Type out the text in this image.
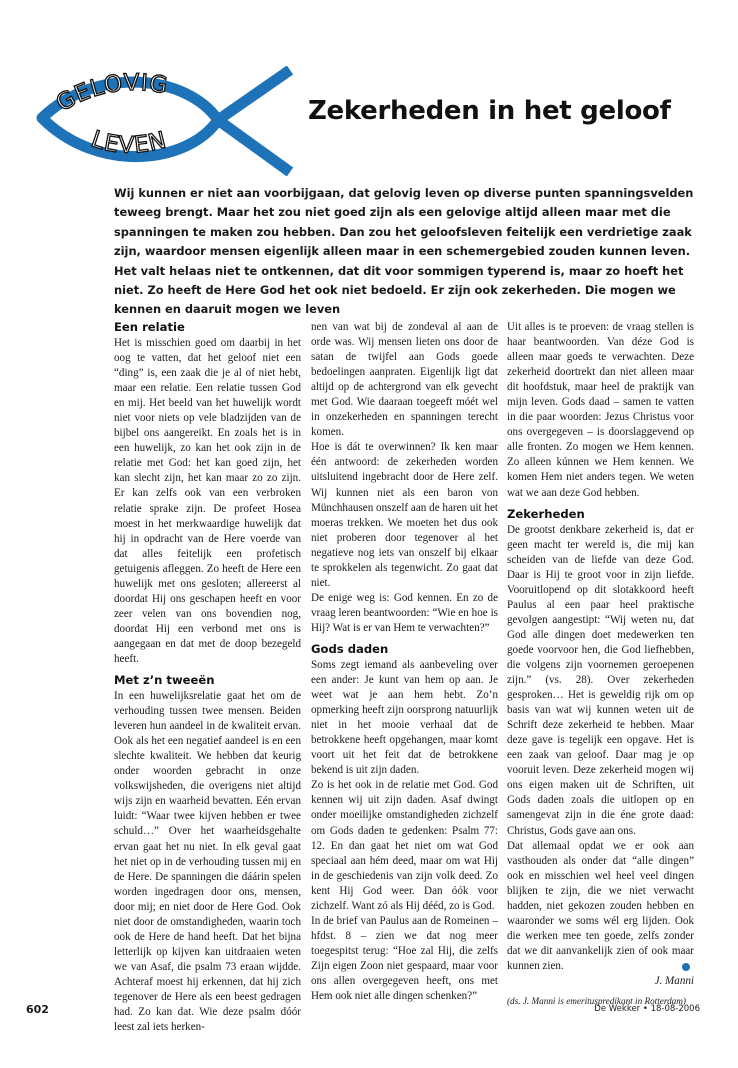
GELOVIG
LEVEN
Zekerheden in het geloof

Wij kunnen er niet aan voorbijgaan, dat gelovig leven op diverse punten spanningsvelden teweeg brengt. Maar het zou niet goed zijn als een gelovige altijd alleen maar met die spanningen te maken zou hebben. Dan zou het geloofsleven feitelijk een verdrietige zaak zijn, waardoor mensen eigenlijk alleen maar in een schemergebied zouden kunnen leven. Het valt helaas niet te ontkennen, dat dit voor sommigen typerend is, maar zo hoeft het niet. Zo heeft de Here God het ook niet bedoeld. Er zijn ook zekerheden. Die mogen we kennen en daaruit mogen we leven

Een relatie

Het is misschien goed om daarbij in het oog te vatten, dat het geloof niet een “ding” is, een zaak die je al of niet hebt, maar een relatie. Een relatie tussen God en mij. Het beeld van het huwelijk wordt niet voor niets op vele bladzijden van de bijbel ons aangereikt. En zoals het is in een huwelijk, zo kan het ook zijn in de relatie met God: het kan goed zijn, het kan slecht zijn, het kan maar zo zo zijn. Er kan zelfs ook van een verbroken relatie sprake zijn. De profeet Hosea moest in het merkwaardige huwelijk dat hij in opdracht van de Here voerde van dat alles feitelijk een profetisch getuigenis afleggen. Zo heeft de Here een huwelijk met ons gesloten; allereerst al doordat Hij ons geschapen heeft en voor zeer velen van ons bovendien nog, doordat Hij een verbond met ons is aangegaan en dat met de doop bezegeld heeft.

Met z’n tweeën

In een huwelijksrelatie gaat het om de verhouding tussen twee mensen. Beiden leveren hun aandeel in de kwaliteit ervan. Ook als het een negatief aandeel is en een slechte kwaliteit. We hebben dat keurig onder woorden gebracht in onze volkswijsheden, die overigens niet altijd wijs zijn en waarheid bevatten. Eén ervan luidt: “Waar twee kijven hebben er twee schuld…” Over het waarheidsgehalte ervan gaat het nu niet. In elk geval gaat het niet op in de verhouding tussen mij en de Here. De spanningen die dáárin spelen worden ingedragen door ons, mensen, door mij; en niet door de Here God. Ook niet door de omstandigheden, waarin toch ook de Here de hand heeft. Dat het bijna letterlijk op kijven kan uitdraaien weten we van Asaf, die psalm 73 eraan wijdde. Achteraf moest hij erkennen, dat hij zich tegenover de Here als een beest gedragen had. Zo kan dat. Wie deze psalm dóór leest zal iets herken-

nen van wat bij de zondeval al aan de orde was. Wij mensen lieten ons door de satan de twijfel aan Gods goede bedoelingen aanpraten. Eigenlijk ligt dat altijd op de achtergrond van elk gevecht met God. Wie daaraan toegeeft móét wel in onzekerheden en spanningen terecht komen.

Hoe is dát te overwinnen? Ik ken maar één antwoord: de zekerheden worden uitsluitend ingebracht door de Here zelf. Wij kunnen niet als een baron von Münchhausen onszelf aan de haren uit het moeras trekken. We moeten het dus ook niet proberen door tegenover al het negatieve nog iets van onszelf bij elkaar te sprokkelen als tegenwicht. Zo gaat dat niet.

De enige weg is: God kennen. En zo de vraag leren beantwoorden: “Wie en hoe is Hij? Wat is er van Hem te verwachten?”

Gods daden

Soms zegt iemand als aanbeveling over een ander: Je kunt van hem op aan. Je weet wat je aan hem hebt. Zo’n opmerking heeft zijn oorsprong natuurlijk niet in het mooie verhaal dat de betrokkene heeft opgehangen, maar komt voort uit het feit dat de betrokkene bekend is uit zijn daden.

Zo is het ook in de relatie met God. God kennen wij uit zijn daden. Asaf dwingt onder moeilijke omstandigheden zichzelf om Gods daden te gedenken: Psalm 77: 12. En dan gaat het niet om wat God speciaal aan hém deed, maar om wat Hij in de geschiedenis van zijn volk deed. Zo kent Hij God weer. Dan óók voor zichzelf. Want zó als Hij dééd, zo is God.

In de brief van Paulus aan de Romeinen – hfdst. 8 – zien we dat nog meer toegespitst terug: “Hoe zal Hij, die zelfs Zijn eigen Zoon niet gespaard, maar voor ons allen overgegeven heeft, ons met Hem ook niet alle dingen schenken?”

Uit alles is te proeven: de vraag stellen is haar beantwoorden. Van déze God is alleen maar goeds te verwachten. Deze zekerheid doortrekt dan niet alleen maar dit hoofdstuk, maar heel de praktijk van mijn leven. Gods daad – samen te vatten in die paar woorden: Jezus Christus voor ons overgegeven – is doorslaggevend op alle fronten. Zo mogen we Hem kennen. Zo alleen kúnnen we Hem kennen. We komen Hem niet anders tegen. We weten wat we aan deze God hebben.

Zekerheden

De grootst denkbare zekerheid is, dat er geen macht ter wereld is, die mij kan scheiden van de liefde van deze God. Daar is Hij te groot voor in zijn liefde. Vooruitlopend op dit slotakkoord heeft Paulus al een paar heel praktische gevolgen aangestipt: “Wij weten nu, dat God alle dingen doet medewerken ten goede voorvoor hen, die God liefhebben, die volgens zijn voornemen geroepenen zijn.” (vs. 28). Over zekerheden gesproken… Het is geweldig rijk om op basis van wat wij kunnen weten uit de Schrift deze zekerheid te hebben. Maar deze gave is tegelijk een opgave. Het is een zaak van geloof. Daar mag je op vooruit leven. Deze zekerheid mogen wij ons eigen maken uit de Schriften, uit Gods daden zoals die uitlopen op en samengevat zijn in die éne grote daad: Christus, Gods gave aan ons.

Dat allemaal opdat we er ook aan vasthouden als onder dat “alle dingen” ook en misschien wel heel veel dingen blijken te zijn, die we niet verwacht hadden, niet gekozen zouden hebben en waaronder we soms wél erg lijden. Ook die werken mee ten goede, zelfs zonder dat we dit aanvankelijk zien of ook maar kunnen zien.

J. Manni

(ds. J. Manni is emerituspredikant in Rotterdam)

602	De Wekker • 18-08-2006
